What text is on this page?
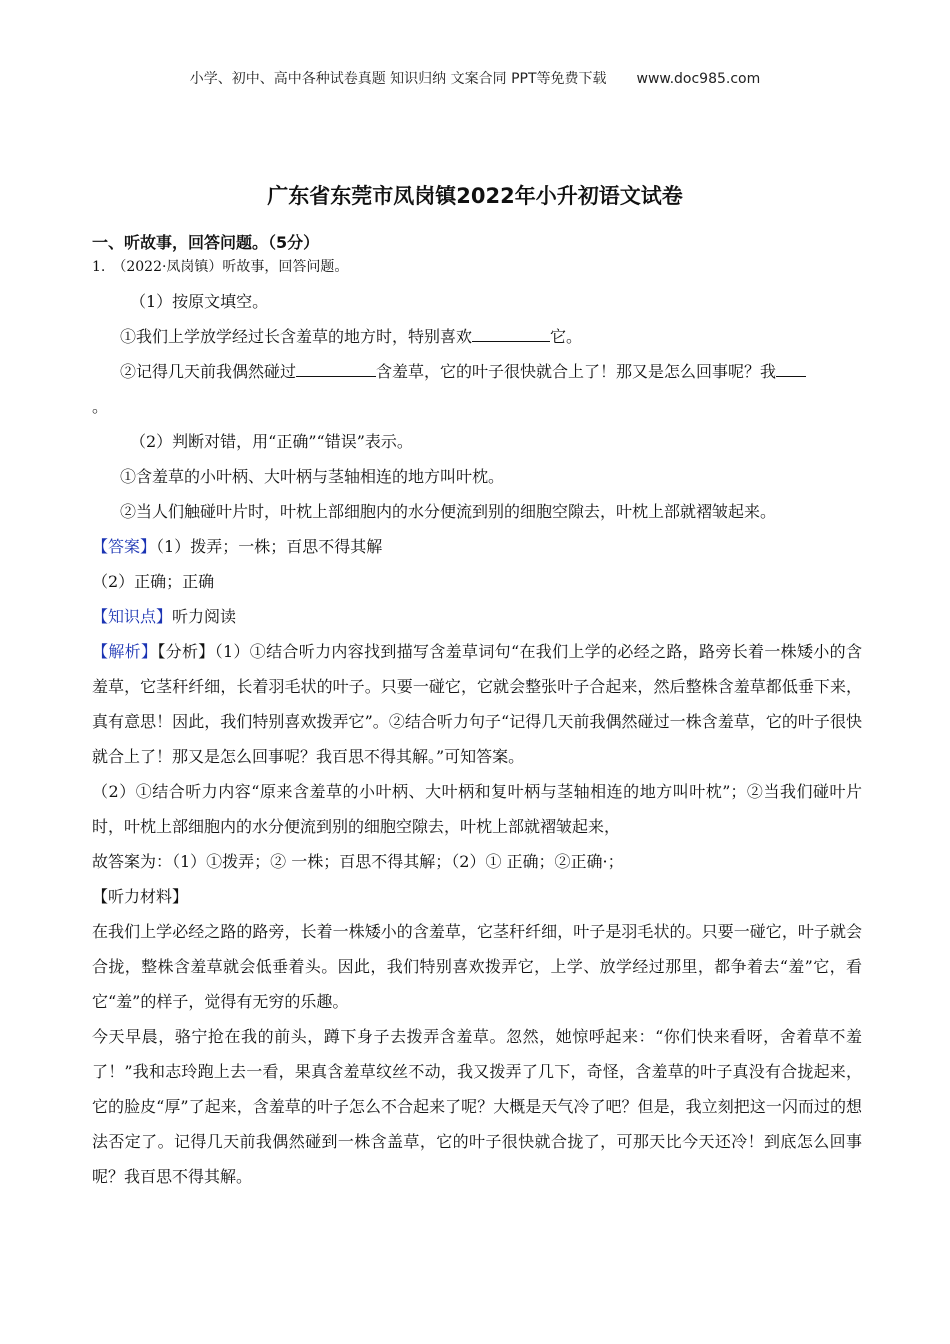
小学、初中、高中各种试卷真题 知识归纳 文案合同 PPT等免费下载 www.doc985.com
广东省东莞市凤岗镇2022年小升初语文试卷
一、听故事，回答问题。（5分）
1.　（2022·凤岗镇）听故事，回答问题。
（1）按原文填空。
①我们上学放学经过长含羞草的地方时，特别喜欢	它。
②记得几天前我偶然碰过	含羞草，它的叶子很快就合上了！那又是怎么回事呢？我
。
（2）判断对错，用“正确”“错误”表示。
①含羞草的小叶柄、大叶柄与茎轴相连的地方叫叶枕。
②当人们触碰叶片时，叶枕上部细胞内的水分便流到别的细胞空隙去，叶枕上部就褶皱起来。
【答案】（1）拨弄；一株；百思不得其解
（2）正确；正确
【知识点】听力阅读
【解析】【分析】（1）①结合听力内容找到描写含羞草词句“在我们上学的必经之路，路旁长着一株矮小的含羞草，它茎秆纤细，长着羽毛状的叶子。只要一碰它，它就会整张叶子合起来，然后整株含羞草都低垂下来，真有意思！因此，我们特别喜欢拨弄它”。②结合听力句子“记得几天前我偶然碰过一株含羞草，它的叶子很快就合上了！那又是怎么回事呢？我百思不得其解。”可知答案。
（2）①结合听力内容“原来含羞草的小叶柄、大叶柄和复叶柄与茎轴相连的地方叫叶枕”；②当我们碰叶片时，叶枕上部细胞内的水分便流到别的细胞空隙去，叶枕上部就褶皱起来，
故答案为：（1）①拨弄；② 一株；百思不得其解；（2）① 正确；②正确·；
【听力材料】
在我们上学必经之路的路旁，长着一株矮小的含羞草，它茎秆纤细，叶子是羽毛状的。只要一碰它，叶子就会合拢，整株含羞草就会低垂着头。因此，我们特别喜欢拨弄它，上学、放学经过那里，都争着去“羞”它，看它“羞”的样子，觉得有无穷的乐趣。
今天早晨，骆宁抢在我的前头，蹲下身子去拨弄含羞草。忽然，她惊呼起来：“你们快来看呀，舍着草不羞了！”我和志玲跑上去一看，果真含羞草纹丝不动，我又拨弄了几下，奇怪，含羞草的叶子真没有合拢起来，它的脸皮“厚”了起来，含羞草的叶子怎么不合起来了呢？大概是天气冷了吧？但是，我立刻把这一闪而过的想法否定了。记得几天前我偶然碰到一株含盖草，它的叶子很快就合拢了，可那天比今天还冷！到底怎么回事呢？我百思不得其解。
